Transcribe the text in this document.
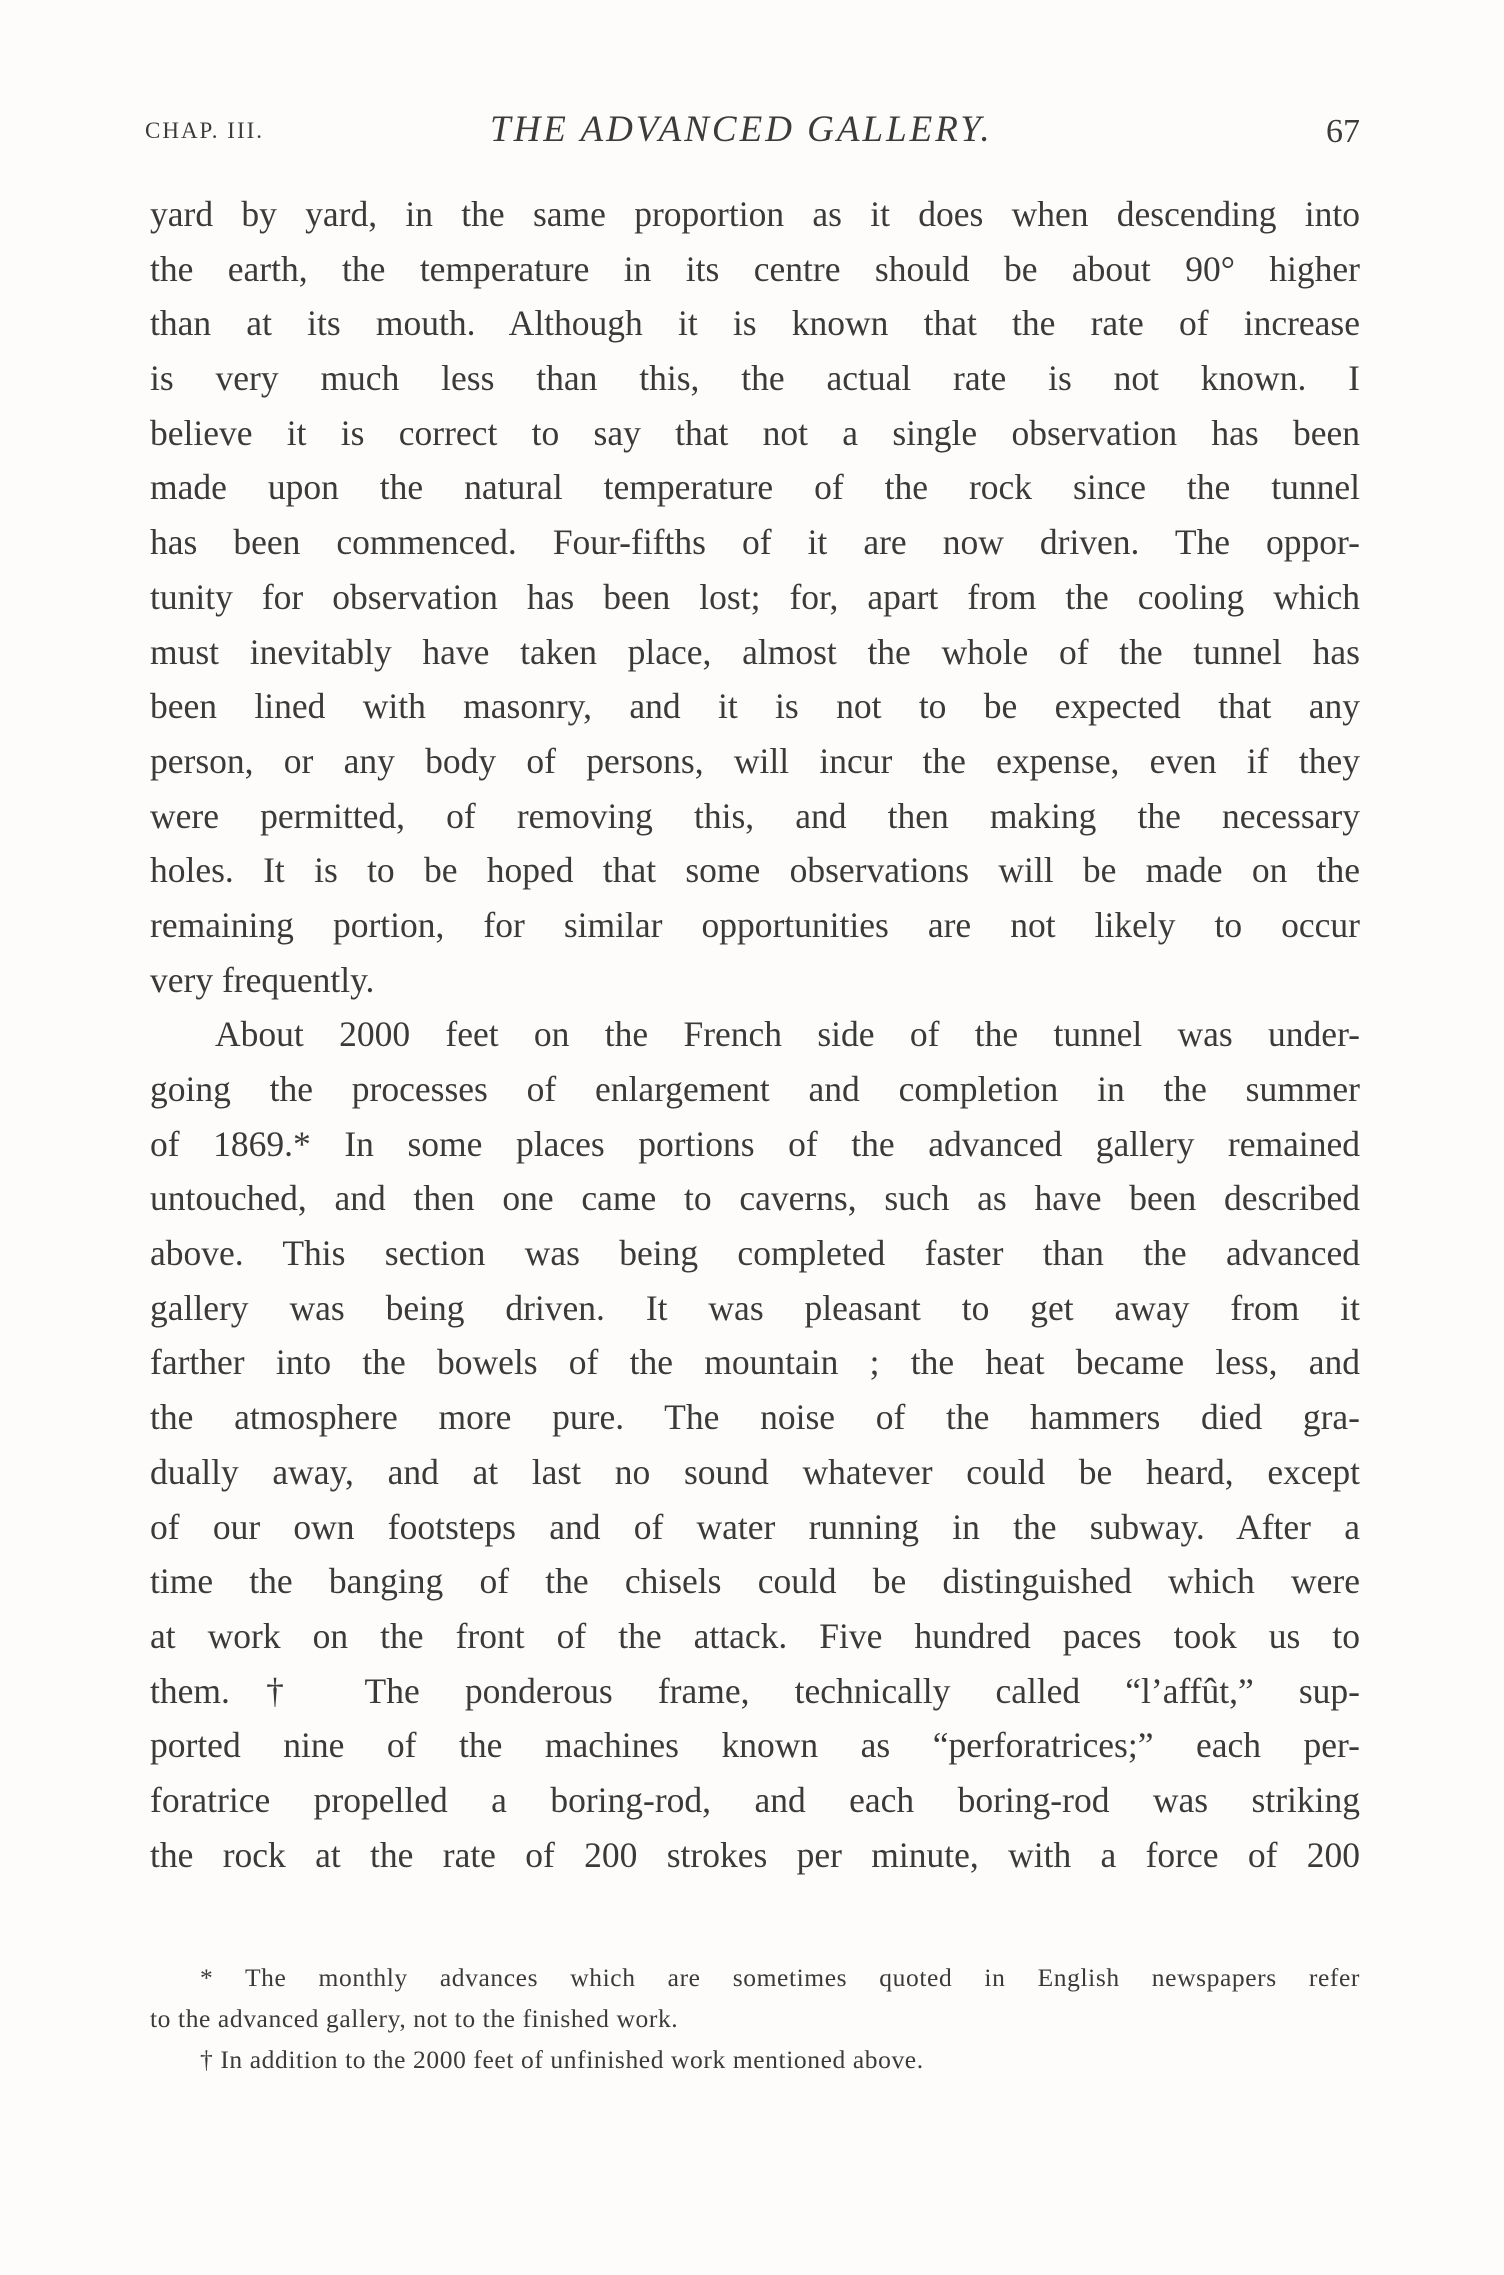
CHAP. III.	THE ADVANCED GALLERY.	67
yard by yard, in the same proportion as it does when descending into
the earth, the temperature in its centre should be about 90° higher
than at its mouth. Although it is known that the rate of increase
is very much less than this, the actual rate is not known. I
believe it is correct to say that not a single observation has been
made upon the natural temperature of the rock since the tunnel
has been commenced. Four-fifths of it are now driven. The oppor-
tunity for observation has been lost; for, apart from the cooling which
must inevitably have taken place, almost the whole of the tunnel has
been lined with masonry, and it is not to be expected that any
person, or any body of persons, will incur the expense, even if they
were permitted, of removing this, and then making the necessary
holes. It is to be hoped that some observations will be made on the
remaining portion, for similar opportunities are not likely to occur
very frequently.
About 2000 feet on the French side of the tunnel was under-
going the processes of enlargement and completion in the summer
of 1869.* In some places portions of the advanced gallery remained
untouched, and then one came to caverns, such as have been described
above. This section was being completed faster than the advanced
gallery was being driven. It was pleasant to get away from it
farther into the bowels of the mountain ; the heat became less, and
the atmosphere more pure. The noise of the hammers died gra-
dually away, and at last no sound whatever could be heard, except
of our own footsteps and of water running in the subway. After a
time the banging of the chisels could be distinguished which were
at work on the front of the attack. Five hundred paces took us to
them.† The ponderous frame, technically called “l’affût,” sup-
ported nine of the machines known as “perforatrices;” each per-
foratrice propelled a boring-rod, and each boring-rod was striking
the rock at the rate of 200 strokes per minute, with a force of 200
* The monthly advances which are sometimes quoted in English newspapers refer
to the advanced gallery, not to the finished work.
† In addition to the 2000 feet of unfinished work mentioned above.
